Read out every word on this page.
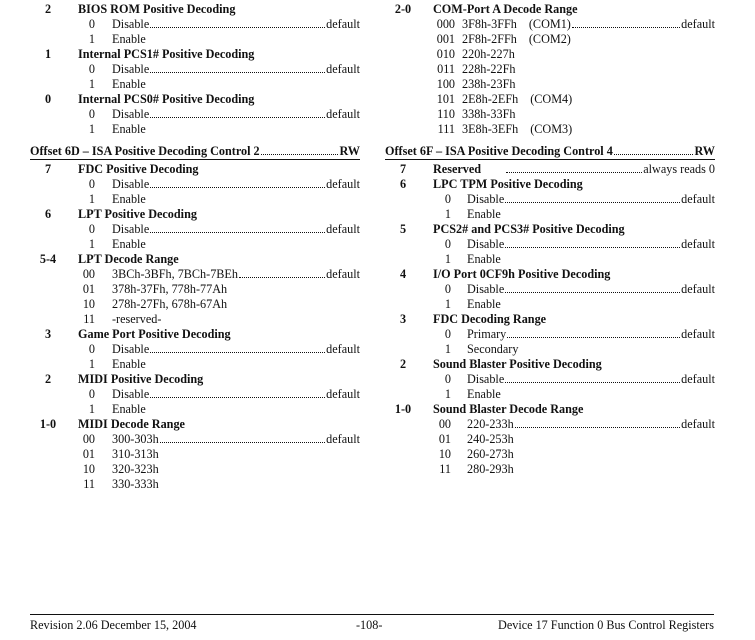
2	BIOS ROM Positive Decoding
0 Disable	default
1 Enable
1	Internal PCS1# Positive Decoding
0 Disable	default
1 Enable
0	Internal PCS0# Positive Decoding
0 Disable	default
1 Enable
Offset 6D – ISA Positive Decoding Control 2	RW
7	FDC Positive Decoding
0 Disable	default
1 Enable
6	LPT Positive Decoding
0 Disable	default
1 Enable
5-4	LPT Decode Range
00 3BCh-3BFh, 7BCh-7BEh	default
01 378h-37Fh, 778h-77Ah
10 278h-27Fh, 678h-67Ah
11 -reserved-
3	Game Port Positive Decoding
0 Disable	default
1 Enable
2	MIDI Positive Decoding
0 Disable	default
1 Enable
1-0	MIDI Decode Range
00 300-303h	default
01 310-313h
10 320-323h
11 330-333h
2-0	COM-Port A Decode Range
000 3F8h-3FFh (COM1)	default
001 2F8h-2FFh (COM2)
010 220h-227h
011 228h-22Fh
100 238h-23Fh
101 2E8h-2EFh (COM4)
110 338h-33Fh
111 3E8h-3EFh (COM3)
Offset 6F – ISA Positive Decoding Control 4	RW
7	Reserved	always reads 0
6	LPC TPM Positive Decoding
0 Disable	default
1 Enable
5	PCS2# and PCS3# Positive Decoding
0 Disable	default
1 Enable
4	I/O Port 0CF9h Positive Decoding
0 Disable	default
1 Enable
3	FDC Decoding Range
0 Primary	default
1 Secondary
2	Sound Blaster Positive Decoding
0 Disable	default
1 Enable
1-0	Sound Blaster Decode Range
00 220-233h	default
01 240-253h
10 260-273h
11 280-293h
Revision 2.06 December 15, 2004	-108-	Device 17 Function 0 Bus Control Registers
